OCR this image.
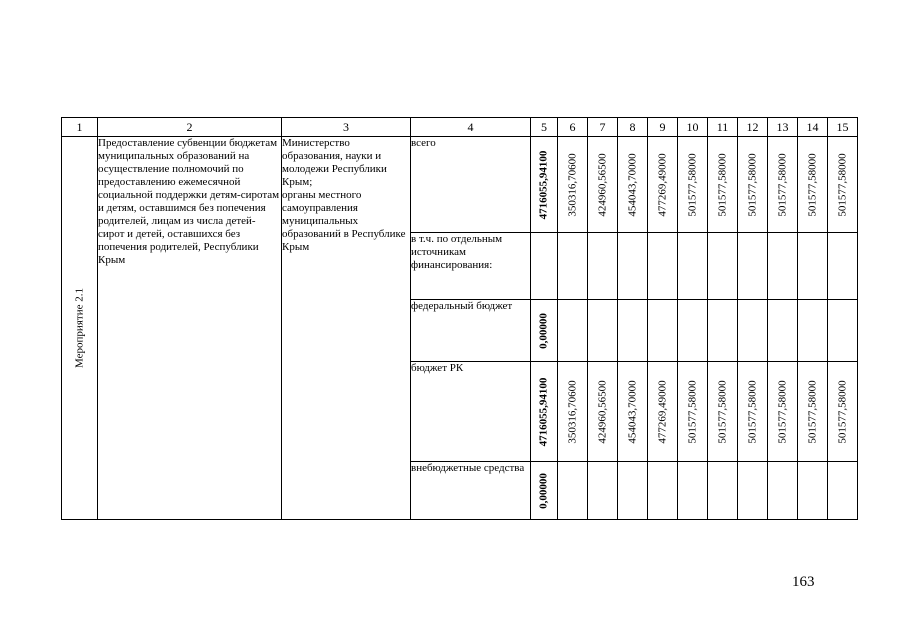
1	2	3	4	5	6	7	8	9	10	11	12	13	14	15

Мероприятие 2.1	Предоставление субвенции бюджетам муниципальных образований на осуществление полномочий по предоставлению ежемесячной социальной поддержки детям-сиротам и детям, оставшимся без попечения родителей, лицам из числа детей-сирот и детей, оставшихся без попечения родителей, Республики Крым	Министерство образования, науки и молодежи Республики Крым;
органы местного самоуправления муниципальных образований в Республике Крым	всего	4716055,94100	350316,70600	424960,56500	454043,70000	477269,49000	501577,58000	501577,58000	501577,58000	501577,58000	501577,58000	501577,58000

			в т.ч. по отдельным источникам финансирования:	

			федеральный бюджет	0,00000										

			бюджет РК	4716055,94100	350316,70600	424960,56500	454043,70000	477269,49000	501577,58000	501577,58000	501577,58000	501577,58000	501577,58000	501577,58000

			внебюджетные средства	0,00000										

163
